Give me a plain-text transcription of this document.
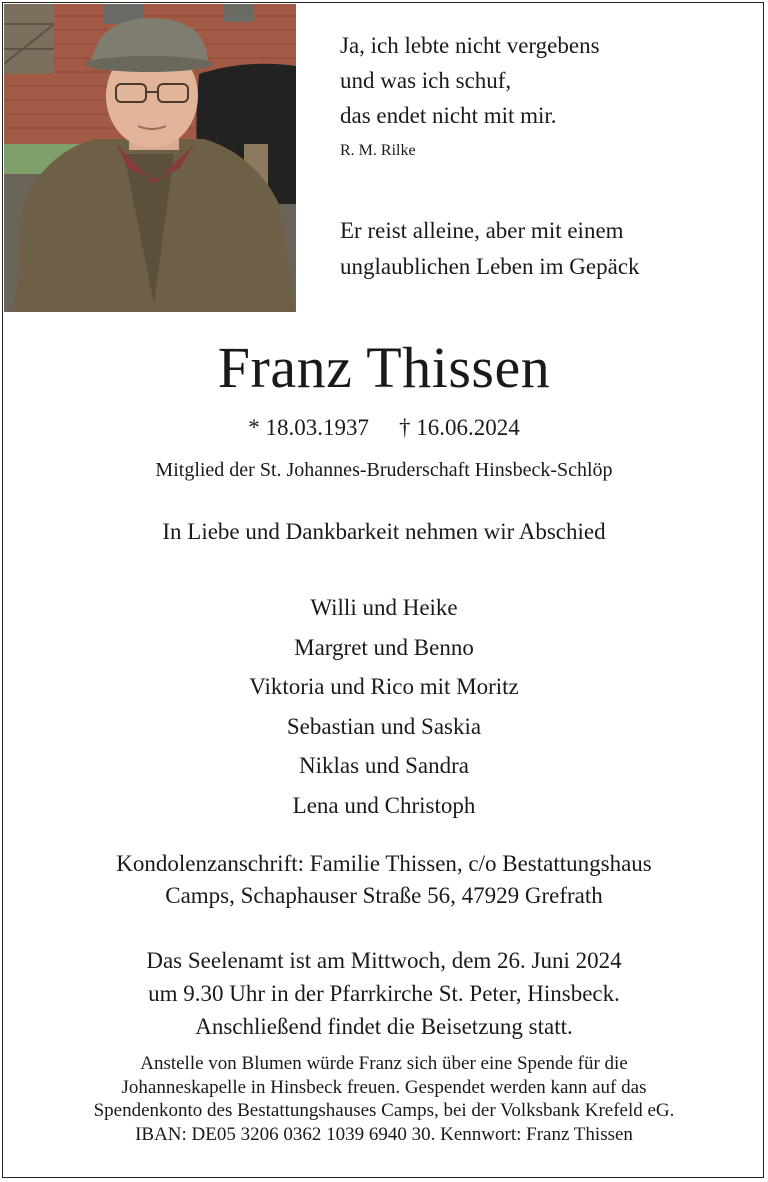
Ja, ich lebte nicht vergebens
und was ich schuf,
das endet nicht mit mir.
R. M. Rilke
Er reist alleine, aber mit einem
unglaublichen Leben im Gepäck
Franz Thissen
* 18.03.1937 † 16.06.2024
Mitglied der St. Johannes-Bruderschaft Hinsbeck-Schlöp
In Liebe und Dankbarkeit nehmen wir Abschied
Willi und Heike
Margret und Benno
Viktoria und Rico mit Moritz
Sebastian und Saskia
Niklas und Sandra
Lena und Christoph
Kondolenzanschrift: Familie Thissen, c/o Bestattungshaus
Camps, Schaphauser Straße 56, 47929 Grefrath
Das Seelenamt ist am Mittwoch, dem 26. Juni 2024
um 9.30 Uhr in der Pfarrkirche St. Peter, Hinsbeck.
Anschließend findet die Beisetzung statt.
Anstelle von Blumen würde Franz sich über eine Spende für die
Johanneskapelle in Hinsbeck freuen. Gespendet werden kann auf das
Spendenkonto des Bestattungshauses Camps, bei der Volksbank Krefeld eG.
IBAN: DE05 3206 0362 1039 6940 30. Kennwort: Franz Thissen
